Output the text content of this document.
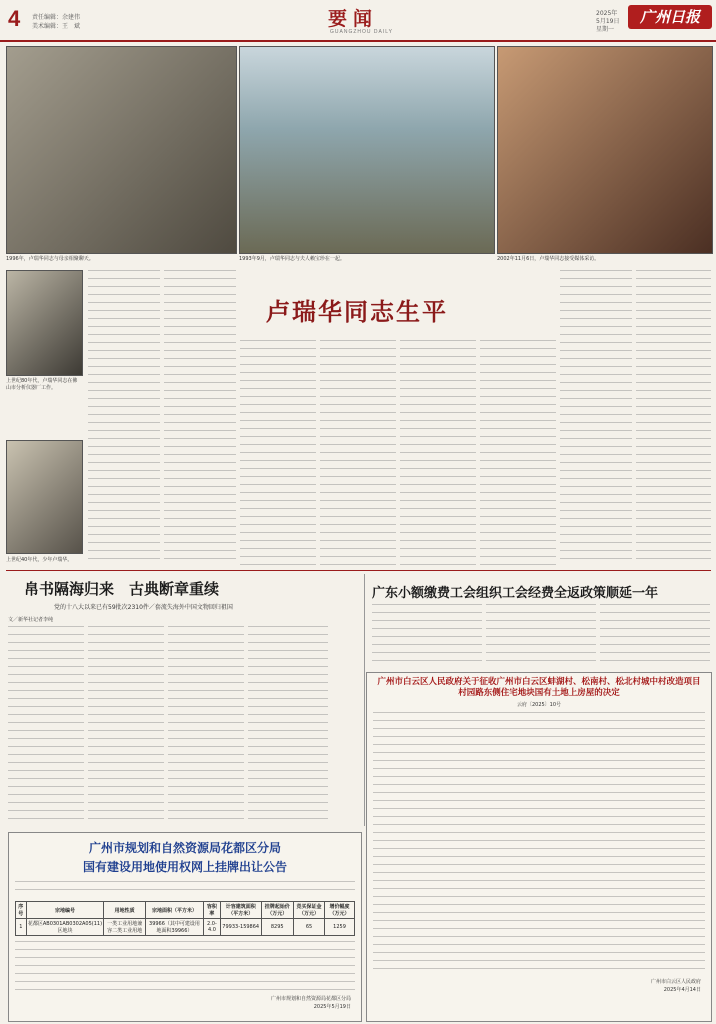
4 责任编辑：余建伟
美术编辑：王　斌	要闻
GUANGZHOU DAILY
2025年
5月19日
星期一
广州日报
1996年，卢瑞华同志与母亲相聚聊天。	1993年9月，卢瑞华同志与夫人赖宝珍在一起。	2002年11月6日，卢瑞华同志接受媒体采访。
上世纪80年代，卢瑞华同志在佛山市分析仪器厂工作。
上世纪40年代，少年卢瑞华。
卢瑞华同志生平
帛书隔海归来　古典断章重续
党的十八大以来已有59批次2310件／套流失海外中国文物回归祖国
文／新华社记者李纯
广东小额缴费工会组织工会经费全返政策顺延一年
广州市白云区人民政府关于征收广州市白云区蚌湖村、松南村、松北村城中村改造项目村园路东侧住宅地块国有土地上房屋的决定
云府〔2025〕10号
广州市白云区人民政府
2025年4月14日
广州市规划和自然资源局花都区分局
国有建设用地使用权网上挂牌出让公告
序号	宗地编号	用地性质	宗地面积（平方米）	容积率	计容建筑面积（平方米）	挂牌起始价（万元）	竞买保证金（万元）	增价幅度（万元）
1	花都区AB0301AB0302A05(11)区地块	一类工业用地兼容二类工业用地	39966（其中可建设用地面积39966）	2.0-4.0	79933-159864	8295	65	1259
广州市规划和自然资源局花都区分局
2025年5月19日
